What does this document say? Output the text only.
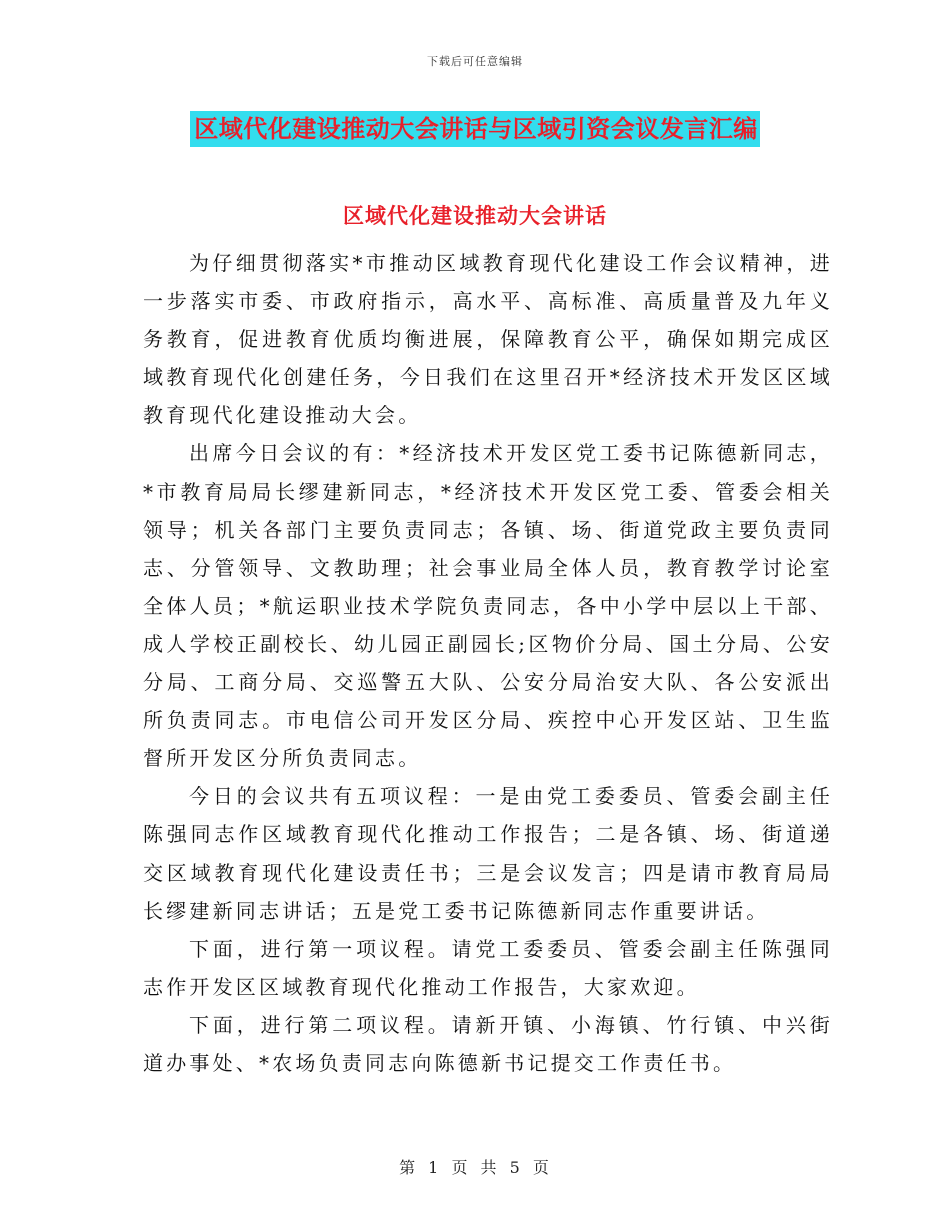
下载后可任意编辑
区域代化建设推动大会讲话与区域引资会议发言汇编
区域代化建设推动大会讲话

为仔细贯彻落实*市推动区域教育现代化建设工作会议精神，进一步落实市委、市政府指示，高水平、高标准、高质量普及九年义务教育，促进教育优质均衡进展，保障教育公平，确保如期完成区域教育现代化创建任务，今日我们在这里召开*经济技术开发区区域教育现代化建设推动大会。

出席今日会议的有：*经济技术开发区党工委书记陈德新同志，*市教育局局长缪建新同志，*经济技术开发区党工委、管委会相关领导；机关各部门主要负责同志；各镇、场、街道党政主要负责同志、分管领导、文教助理；社会事业局全体人员，教育教学讨论室全体人员；*航运职业技术学院负责同志，各中小学中层以上干部、成人学校正副校长、幼儿园正副园长;区物价分局、国土分局、公安分局、工商分局、交巡警五大队、公安分局治安大队、各公安派出所负责同志。市电信公司开发区分局、疾控中心开发区站、卫生监督所开发区分所负责同志。

今日的会议共有五项议程：一是由党工委委员、管委会副主任陈强同志作区域教育现代化推动工作报告；二是各镇、场、街道递交区域教育现代化建设责任书；三是会议发言；四是请市教育局局长缪建新同志讲话；五是党工委书记陈德新同志作重要讲话。

下面，进行第一项议程。请党工委委员、管委会副主任陈强同志作开发区区域教育现代化推动工作报告，大家欢迎。

下面，进行第二项议程。请新开镇、小海镇、竹行镇、中兴街道办事处、*农场负责同志向陈德新书记提交工作责任书。

第 1 页 共 5 页
